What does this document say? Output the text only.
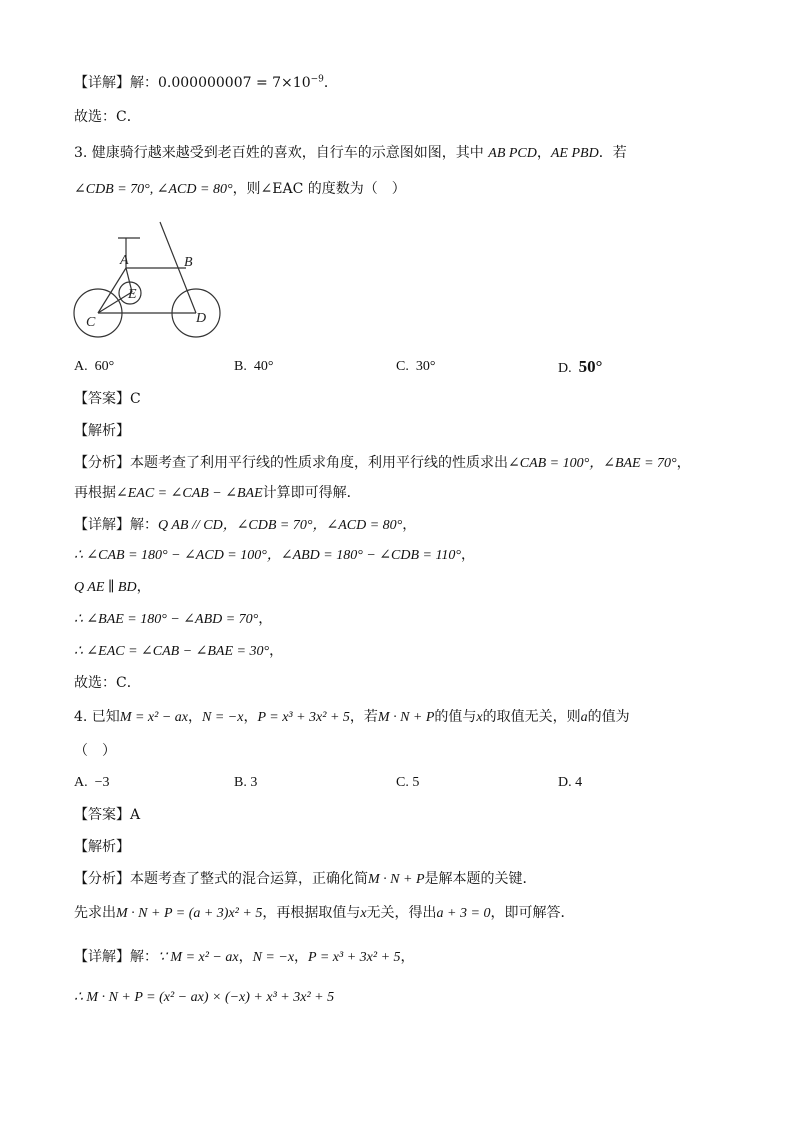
【详解】解：$0.000000007 = 7\times 10^{-9}$．
故选：C．
3. 健康骑行越来越受到老百姓的喜欢，自行车的示意图如图，其中 AB PCD，AE PBD．若
∠CDB = 70°, ∠ACD = 80°，则∠EAC 的度数为（　）
A	B
C	D
E
A. 60°	B. 40°	C. 30°	D. 50°
【答案】C
【解析】
【分析】本题考查了利用平行线的性质求角度，利用平行线的性质求出∠CAB = 100°，∠BAE = 70°，
再根据∠EAC = ∠CAB − ∠BAE计算即可得解．
【详解】解：Q AB // CD，∠CDB = 70°，∠ACD = 80°，
∴ ∠CAB = 180° − ∠ACD = 100°，∠ABD = 180° − ∠CDB = 110°，
Q AE ∥ BD，
∴ ∠BAE = 180° − ∠ABD = 70°，
∴ ∠EAC = ∠CAB − ∠BAE = 30°，
故选：C．
4. 已知M = x² − ax，N = −x，P = x³ + 3x² + 5，若M · N + P的值与x的取值无关，则a的值为
（　）
A. −3	B. 3	C. 5	D. 4
【答案】A
【解析】
【分析】本题考查了整式的混合运算，正确化简M · N + P是解本题的关键．
先求出M · N + P = (a + 3)x² + 5，再根据取值与x无关，得出a + 3 = 0，即可解答．
【详解】解：∵ M = x² − ax，N = −x，P = x³ + 3x² + 5，
∴ M · N + P = (x² − ax) × (−x) + x³ + 3x² + 5
